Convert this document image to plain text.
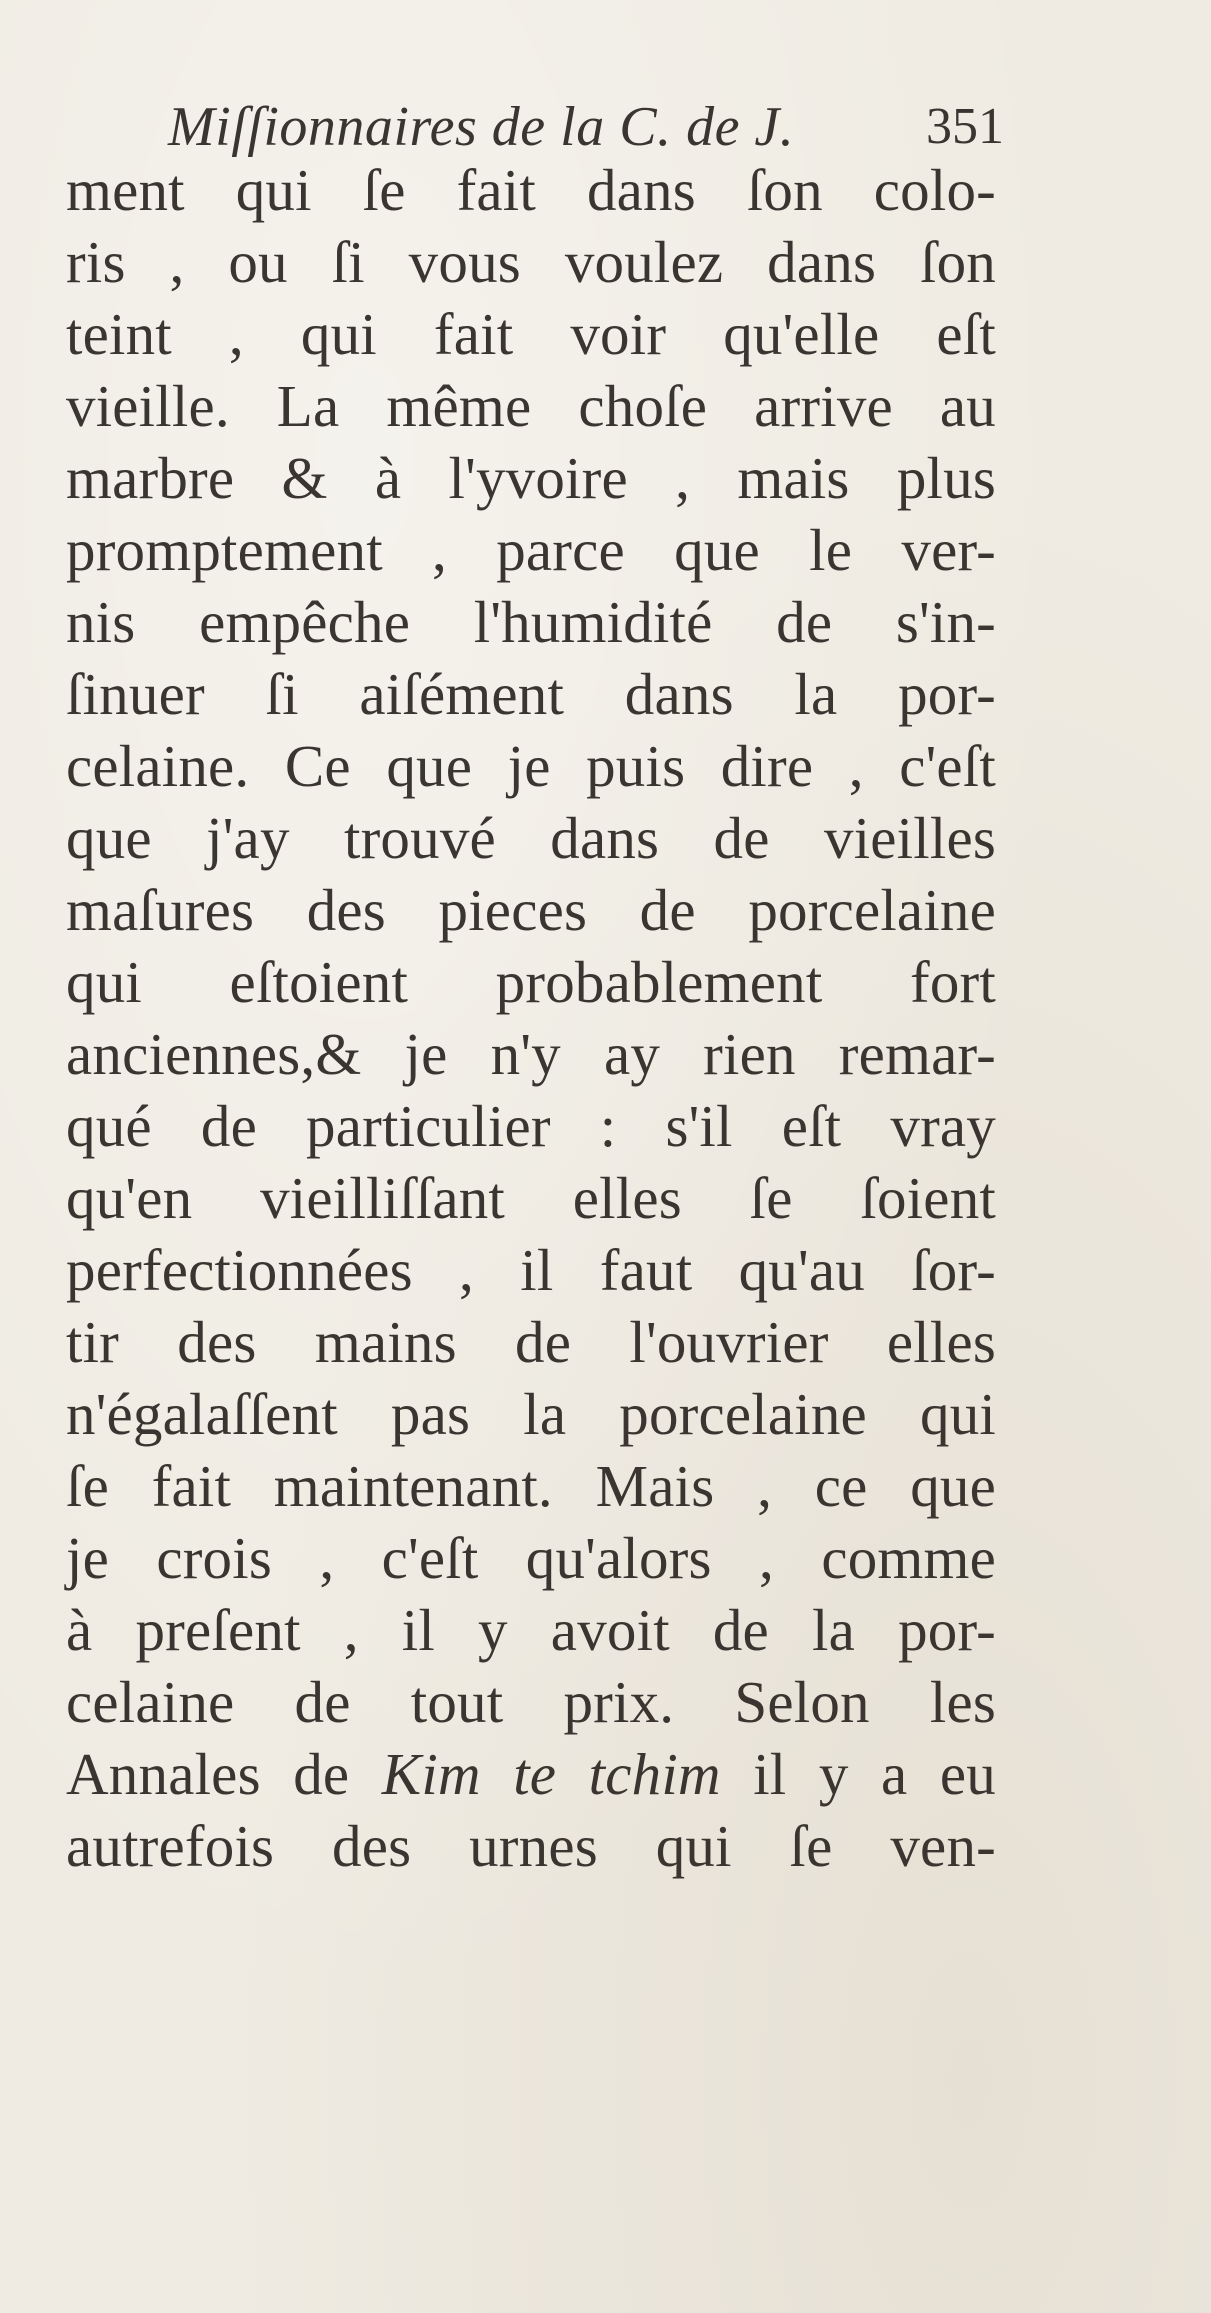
Miſſionnaires de la C. de J.	351
ment qui ſe fait dans ſon colo-
ris , ou ſi vous voulez dans ſon
teint , qui fait voir qu'elle eſt
vieille. La même choſe arrive au
marbre & à l'yvoire , mais plus
promptement , parce que le ver-
nis empêche l'humidité de s'in-
ſinuer ſi aiſément dans la por-
celaine. Ce que je puis dire , c'eſt
que j'ay trouvé dans de vieilles
maſures des pieces de porcelaine
qui eſtoient probablement fort
anciennes,& je n'y ay rien remar-
qué de particulier : s'il eſt vray
qu'en vieilliſſant elles ſe ſoient
perfectionnées , il faut qu'au ſor-
tir des mains de l'ouvrier elles
n'égalaſſent pas la porcelaine qui
ſe fait maintenant. Mais , ce que
je crois , c'eſt qu'alors , comme
à preſent , il y avoit de la por-
celaine de tout prix. Selon les
Annales de Kim te tchim il y a eu
autrefois des urnes qui ſe ven-
